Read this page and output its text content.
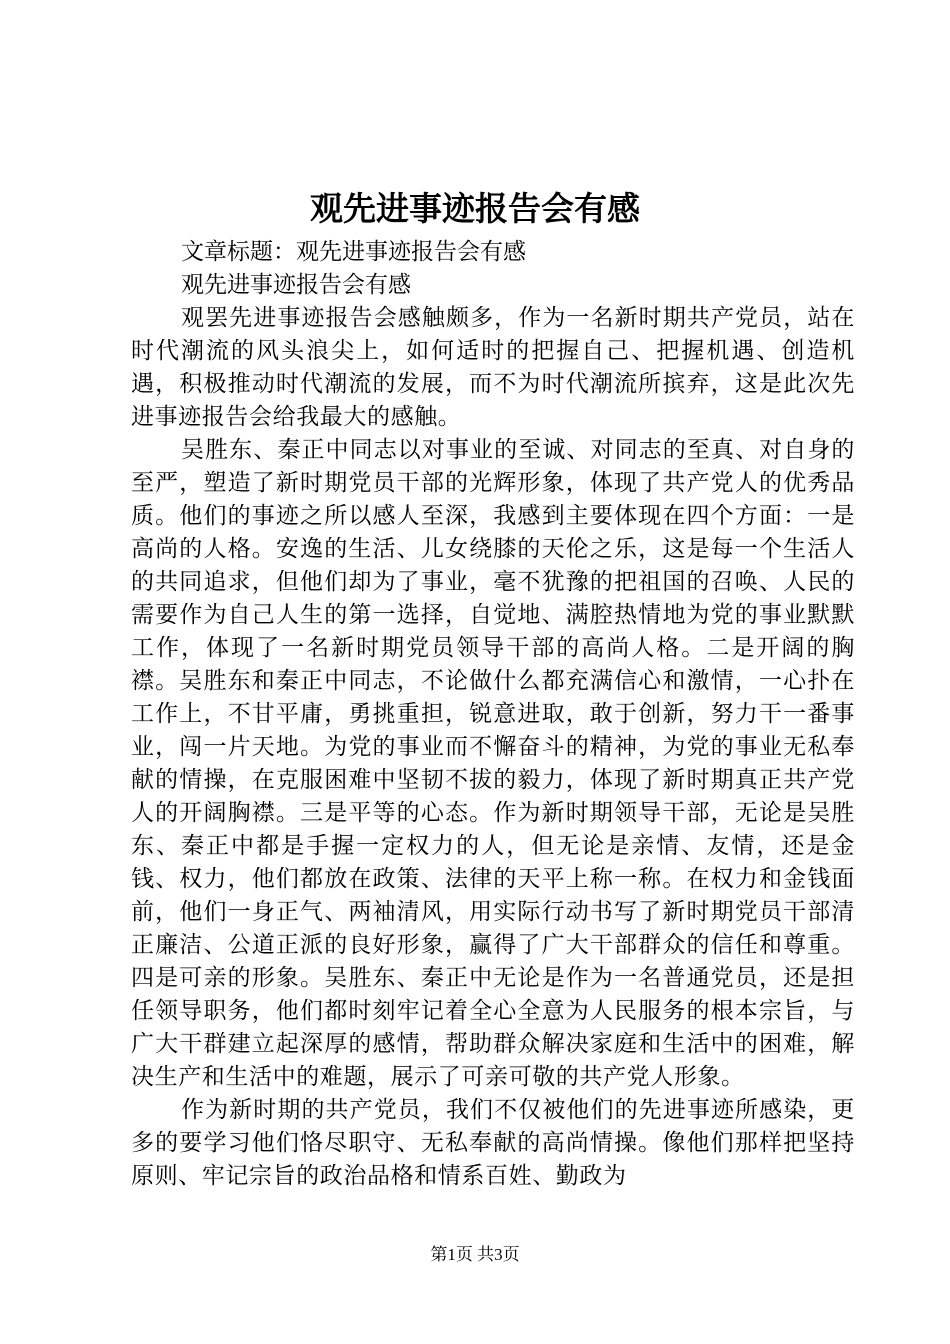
观先进事迹报告会有感

文章标题：观先进事迹报告会有感

观先进事迹报告会有感

观罢先进事迹报告会感触颇多，作为一名新时期共产党员，站在时代潮流的风头浪尖上，如何适时的把握自己、把握机遇、创造机遇，积极推动时代潮流的发展，而不为时代潮流所摈弃，这是此次先进事迹报告会给我最大的感触。

吴胜东、秦正中同志以对事业的至诚、对同志的至真、对自身的至严，塑造了新时期党员干部的光辉形象，体现了共产党人的优秀品质。他们的事迹之所以感人至深，我感到主要体现在四个方面：一是高尚的人格。安逸的生活、儿女绕膝的天伦之乐，这是每一个生活人的共同追求，但他们却为了事业，毫不犹豫的把祖国的召唤、人民的需要作为自己人生的第一选择，自觉地、满腔热情地为党的事业默默工作，体现了一名新时期党员领导干部的高尚人格。二是开阔的胸襟。吴胜东和秦正中同志，不论做什么都充满信心和激情，一心扑在工作上，不甘平庸，勇挑重担，锐意进取，敢于创新，努力干一番事业，闯一片天地。为党的事业而不懈奋斗的精神，为党的事业无私奉献的情操，在克服困难中坚韧不拔的毅力，体现了新时期真正共产党人的开阔胸襟。三是平等的心态。作为新时期领导干部，无论是吴胜东、秦正中都是手握一定权力的人，但无论是亲情、友情，还是金钱、权力，他们都放在政策、法律的天平上称一称。在权力和金钱面前，他们一身正气、两袖清风，用实际行动书写了新时期党员干部清正廉洁、公道正派的良好形象，赢得了广大干部群众的信任和尊重。四是可亲的形象。吴胜东、秦正中无论是作为一名普通党员，还是担任领导职务，他们都时刻牢记着全心全意为人民服务的根本宗旨，与广大干群建立起深厚的感情，帮助群众解决家庭和生活中的困难，解决生产和生活中的难题，展示了可亲可敬的共产党人形象。

作为新时期的共产党员，我们不仅被他们的先进事迹所感染，更多的要学习他们恪尽职守、无私奉献的高尚情操。像他们那样把坚持原则、牢记宗旨的政治品格和情系百姓、勤政为

第1页 共3页
